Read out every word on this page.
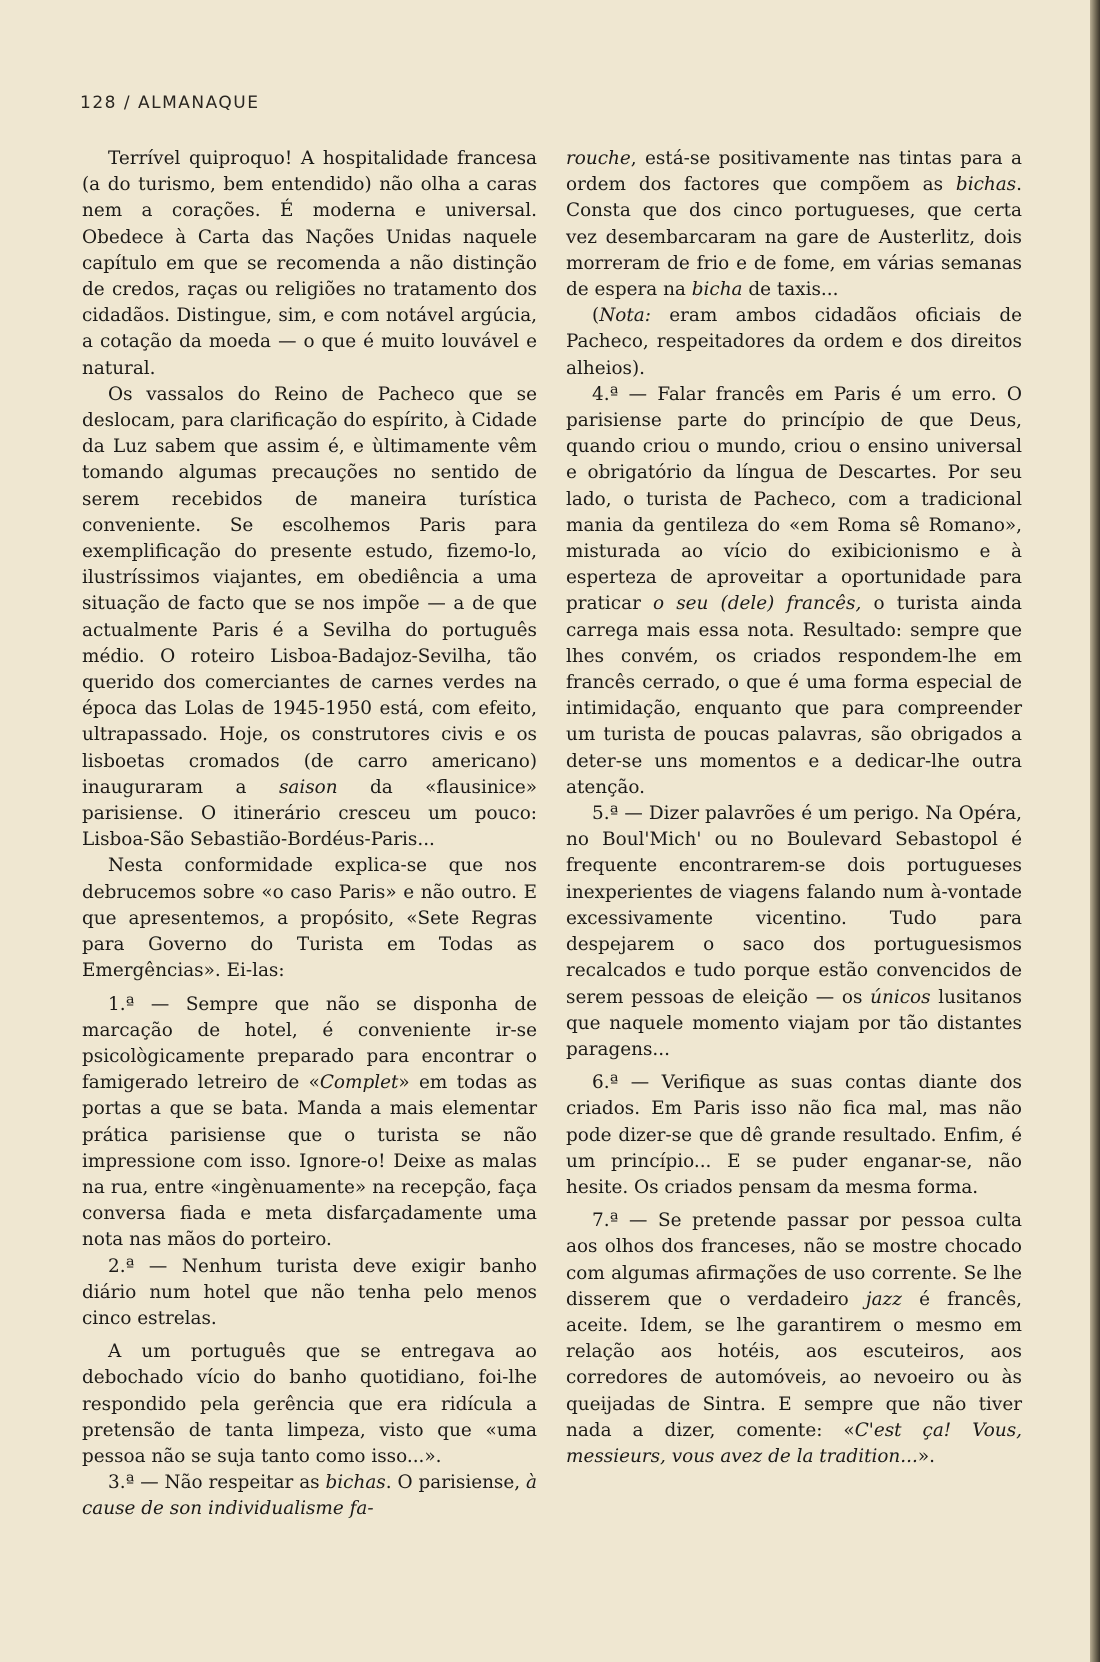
128 / ALMANAQUE

Terrível quiproquo! A hospitalidade francesa (a do turismo, bem entendido) não olha a caras nem a corações. É moderna e universal. Obedece à Carta das Nações Unidas naquele capítulo em que se recomenda a não distinção de credos, raças ou religiões no tratamento dos cidadãos. Distingue, sim, e com notável argúcia, a cotação da moeda — o que é muito louvável e natural.

Os vassalos do Reino de Pacheco que se deslocam, para clarificação do espírito, à Cidade da Luz sabem que assim é, e ùltimamente vêm tomando algumas precauções no sentido de serem recebidos de maneira turística conveniente. Se escolhemos Paris para exemplificação do presente estudo, fizemo-lo, ilustríssimos viajantes, em obediência a uma situação de facto que se nos impõe — a de que actualmente Paris é a Sevilha do português médio. O roteiro Lisboa-Badajoz-Sevilha, tão querido dos comerciantes de carnes verdes na época das Lolas de 1945-1950 está, com efeito, ultrapassado. Hoje, os construtores civis e os lisboetas cromados (de carro americano) inauguraram a saison da «flausinice» parisiense. O itinerário cresceu um pouco: Lisboa-São Sebastião-Bordéus-Paris...

Nesta conformidade explica-se que nos debrucemos sobre «o caso Paris» e não outro. E que apresentemos, a propósito, «Sete Regras para Governo do Turista em Todas as Emergências». Ei-las:

1.ª — Sempre que não se disponha de marcação de hotel, é conveniente ir-se psicològicamente preparado para encontrar o famigerado letreiro de «Complet» em todas as portas a que se bata. Manda a mais elementar prática parisiense que o turista se não impressione com isso. Ignore-o! Deixe as malas na rua, entre «ingènuamente» na recepção, faça conversa fiada e meta disfarçadamente uma nota nas mãos do porteiro.

2.ª — Nenhum turista deve exigir banho diário num hotel que não tenha pelo menos cinco estrelas.

A um português que se entregava ao debochado vício do banho quotidiano, foi-lhe respondido pela gerência que era ridícula a pretensão de tanta limpeza, visto que «uma pessoa não se suja tanto como isso...».

3.ª — Não respeitar as bichas. O parisiense, à cause de son individualisme fa-

rouche, está-se positivamente nas tintas para a ordem dos factores que compõem as bichas. Consta que dos cinco portugueses, que certa vez desembarcaram na gare de Austerlitz, dois morreram de frio e de fome, em várias semanas de espera na bicha de taxis...

(Nota: eram ambos cidadãos oficiais de Pacheco, respeitadores da ordem e dos direitos alheios).

4.ª — Falar francês em Paris é um erro. O parisiense parte do princípio de que Deus, quando criou o mundo, criou o ensino universal e obrigatório da língua de Descartes. Por seu lado, o turista de Pacheco, com a tradicional mania da gentileza do «em Roma sê Romano», misturada ao vício do exibicionismo e à esperteza de aproveitar a oportunidade para praticar o seu (dele) francês, o turista ainda carrega mais essa nota. Resultado: sempre que lhes convém, os criados respondem-lhe em francês cerrado, o que é uma forma especial de intimidação, enquanto que para compreender um turista de poucas palavras, são obrigados a deter-se uns momentos e a dedicar-lhe outra atenção.

5.ª — Dizer palavrões é um perigo. Na Opéra, no Boul'Mich' ou no Boulevard Sebastopol é frequente encontrarem-se dois portugueses inexperientes de viagens falando num à-vontade excessivamente vicentino. Tudo para despejarem o saco dos portuguesismos recalcados e tudo porque estão convencidos de serem pessoas de eleição — os únicos lusitanos que naquele momento viajam por tão distantes paragens...

6.ª — Verifique as suas contas diante dos criados. Em Paris isso não fica mal, mas não pode dizer-se que dê grande resultado. Enfim, é um princípio... E se puder enganar-se, não hesite. Os criados pensam da mesma forma.

7.ª — Se pretende passar por pessoa culta aos olhos dos franceses, não se mostre chocado com algumas afirmações de uso corrente. Se lhe disserem que o verdadeiro jazz é francês, aceite. Idem, se lhe garantirem o mesmo em relação aos hotéis, aos escuteiros, aos corredores de automóveis, ao nevoeiro ou às queijadas de Sintra. E sempre que não tiver nada a dizer, comente: «C'est ça! Vous, messieurs, vous avez de la tradition...».
